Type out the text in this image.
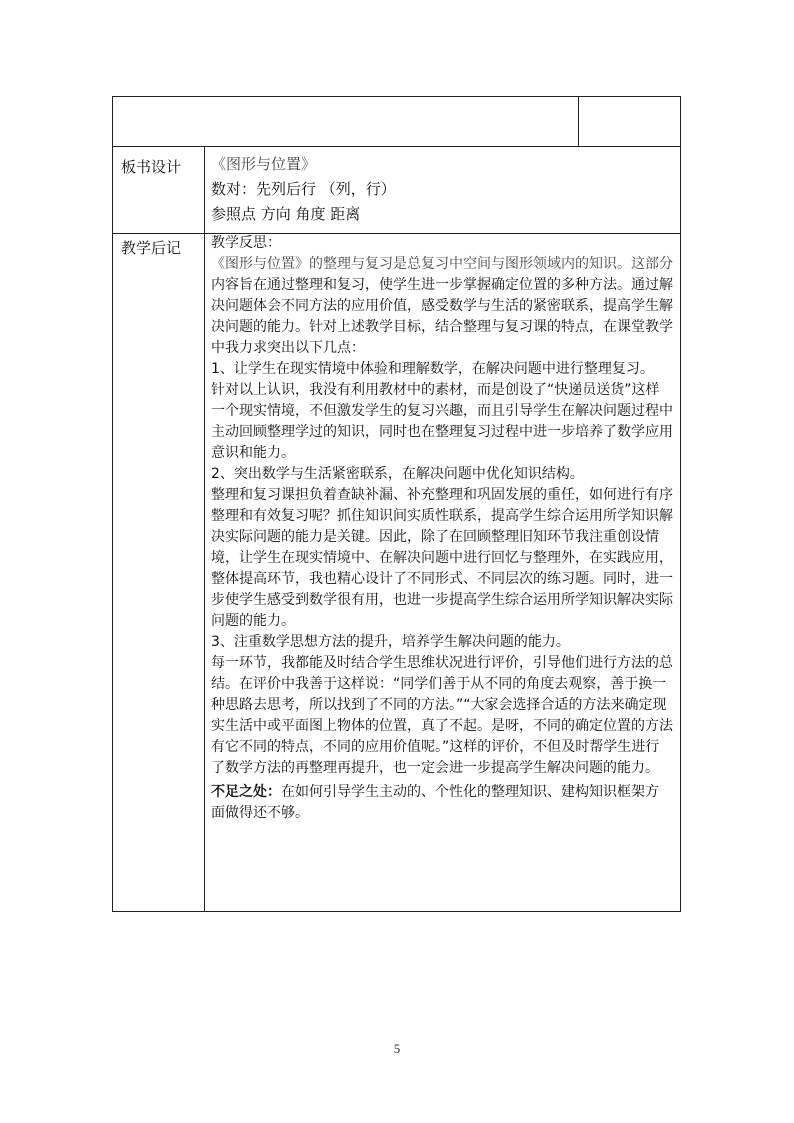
板书设计 《图形与位置》
数对：先列后行 （列，行）
参照点 方向 角度 距离
教学后记 教学反思：
《图形与位置》的整理与复习是总复习中空间与图形领域内的知识。这部分
内容旨在通过整理和复习，使学生进一步掌握确定位置的多种方法。通过解
决问题体会不同方法的应用价值，感受数学与生活的紧密联系，提高学生解
决问题的能力。针对上述教学目标，结合整理与复习课的特点，在课堂教学
中我力求突出以下几点：
1、让学生在现实情境中体验和理解数学，在解决问题中进行整理复习。
针对以上认识，我没有利用教材中的素材，而是创设了“快递员送货”这样
一个现实情境，不但激发学生的复习兴趣，而且引导学生在解决问题过程中
主动回顾整理学过的知识，同时也在整理复习过程中进一步培养了数学应用
意识和能力。
2、突出数学与生活紧密联系，在解决问题中优化知识结构。
整理和复习课担负着查缺补漏、补充整理和巩固发展的重任，如何进行有序
整理和有效复习呢？抓住知识间实质性联系，提高学生综合运用所学知识解
决实际问题的能力是关键。因此，除了在回顾整理旧知环节我注重创设情
境，让学生在现实情境中、在解决问题中进行回忆与整理外，在实践应用，
整体提高环节，我也精心设计了不同形式、不同层次的练习题。同时，进一
步使学生感受到数学很有用，也进一步提高学生综合运用所学知识解决实际
问题的能力。
3、注重数学思想方法的提升，培养学生解决问题的能力。
每一环节，我都能及时结合学生思维状况进行评价，引导他们进行方法的总
结。在评价中我善于这样说：“同学们善于从不同的角度去观察，善于换一
种思路去思考，所以找到了不同的方法。”“大家会选择合适的方法来确定现
实生活中或平面图上物体的位置，真了不起。是呀，不同的确定位置的方法
有它不同的特点，不同的应用价值呢。”这样的评价，不但及时帮学生进行
了数学方法的再整理再提升，也一定会进一步提高学生解决问题的能力。
不足之处：在如何引导学生主动的、个性化的整理知识、建构知识框架方
面做得还不够。
5
